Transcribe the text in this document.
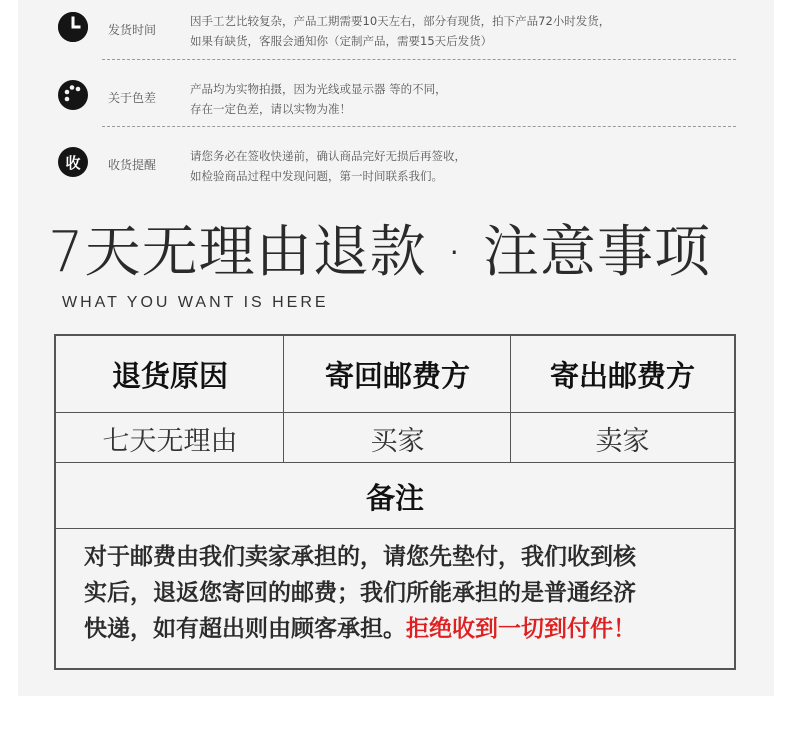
发货时间
因手工艺比较复杂，产品工期需要10天左右，部分有现货，拍下产品72小时发货，
如果有缺货，客服会通知你（定制产品，需要15天后发货）
关于色差
产品均为实物拍摄，因为光线或显示器 等的不同，
存在一定色差，请以实物为准！
收 收货提醒
请您务必在签收快递前，确认商品完好无损后再签收，
如检验商品过程中发现问题，第一时间联系我们。
7天无理由退款 · 注意事项
WHAT YOU WANT IS HERE
退货原因	寄回邮费方	寄出邮费方
七天无理由	买家	卖家
备注
对于邮费由我们卖家承担的，请您先垫付，我们收到核
实后，退返您寄回的邮费；我们所能承担的是普通经济
快递，如有超出则由顾客承担。拒绝收到一切到付件！
